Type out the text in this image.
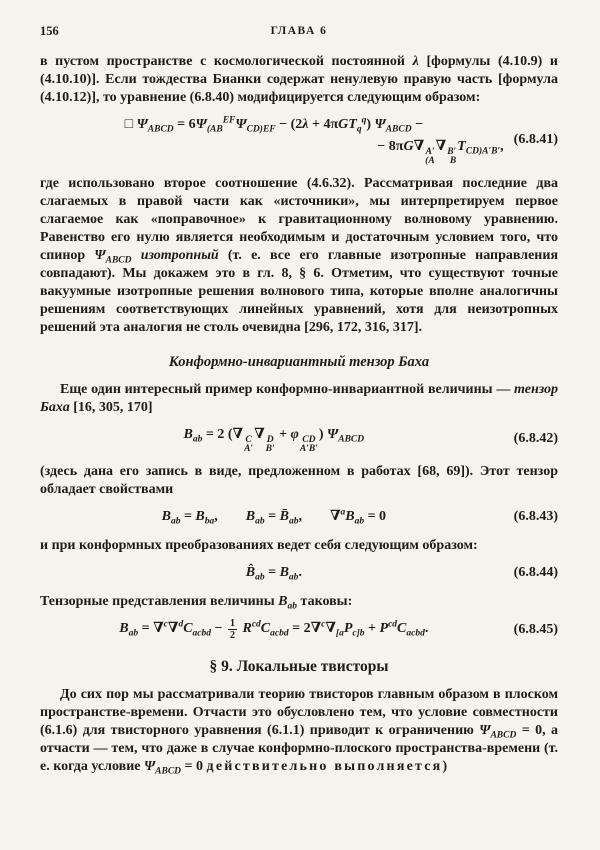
156	ГЛАВА 6

в пустом пространстве с космологической постоянной λ [формулы (4.10.9) и (4.10.10)]. Если тождества Бианки содержат ненулевую правую часть [формула (4.10.12)], то уравнение (6.8.40) модифицируется следующим образом:

□ $\Psi_{ABCD} = 6\Psi_{(AB}^{EF}\Psi_{CD)EF} - (2\lambda + 4\pi GT_q^q) \Psi_{ABCD}$ −
− 8πG∇ A′
(A
∇ B′
B
$T_{CD)A'B'}$, (6.8.41)

где использовано второе соотношение (4.6.32). Рассматривая последние два слагаемых в правой части как «источники», мы интерпретируем первое слагаемое как «поправочное» к гравитационному волновому уравнению. Равенство его нулю является необходимым и достаточным условием того, что спинор $\Psi_{ABCD}$ изотропный (т. е. все его главные изотропные направления совпадают). Мы докажем это в гл. 8, § 6. Отметим, что существуют точные вакуумные изотропные решения волнового типа, которые вполне аналогичны решениям соответствующих линейных уравнений, хотя для неизотропных решений эта аналогия не столь очевидна [296, 172, 316, 317].

Конформно-инвариантный тензор Баха

Еще один интересный пример конформно-инвариантной величины — тензор Баха [16, 305, 170]

$B_{ab} = 2$ (∇ C
A′
∇ D
B′
+ φ CD
A′B′
) $\Psi_{ABCD}$	(6.8.42)

(здесь дана его запись в виде, предложенном в работах [68, 69]). Этот тензор обладает свойствами

$B_{ab} = B_{ba}$,  $B_{ab}$ = $B̄_{ab}$,  $\nabla^aB_{ab} = 0$	(6.8.43)

и при конформных преобразованиях ведет себя следующим образом:

$B̂_{ab} = B_{ab}$.	(6.8.44)

Тензорные представления величины $B_{ab}$ таковы:

$B_{ab} = \nabla^c\nabla^dC_{acbd} - \frac{1}{2} R^{cd}C_{acbd} = 2\nabla^c\nabla_{[a}P_{c]b} + P^{cd}C_{acbd}$.	(6.8.45)
§ 9. Локальные твисторы

До сих пор мы рассматривали теорию твисторов главным образом в плоском пространстве-времени. Отчасти это обусловлено тем, что условие совместности (6.1.6) для твисторного уравнения (6.1.1) приводит к ограничению $\Psi_{ABCD} = 0$, а отчасти — тем, что даже в случае конформно-плоского пространства-времени (т. е. когда условие $\Psi_{ABCD} = 0$ действительно выполняется)
